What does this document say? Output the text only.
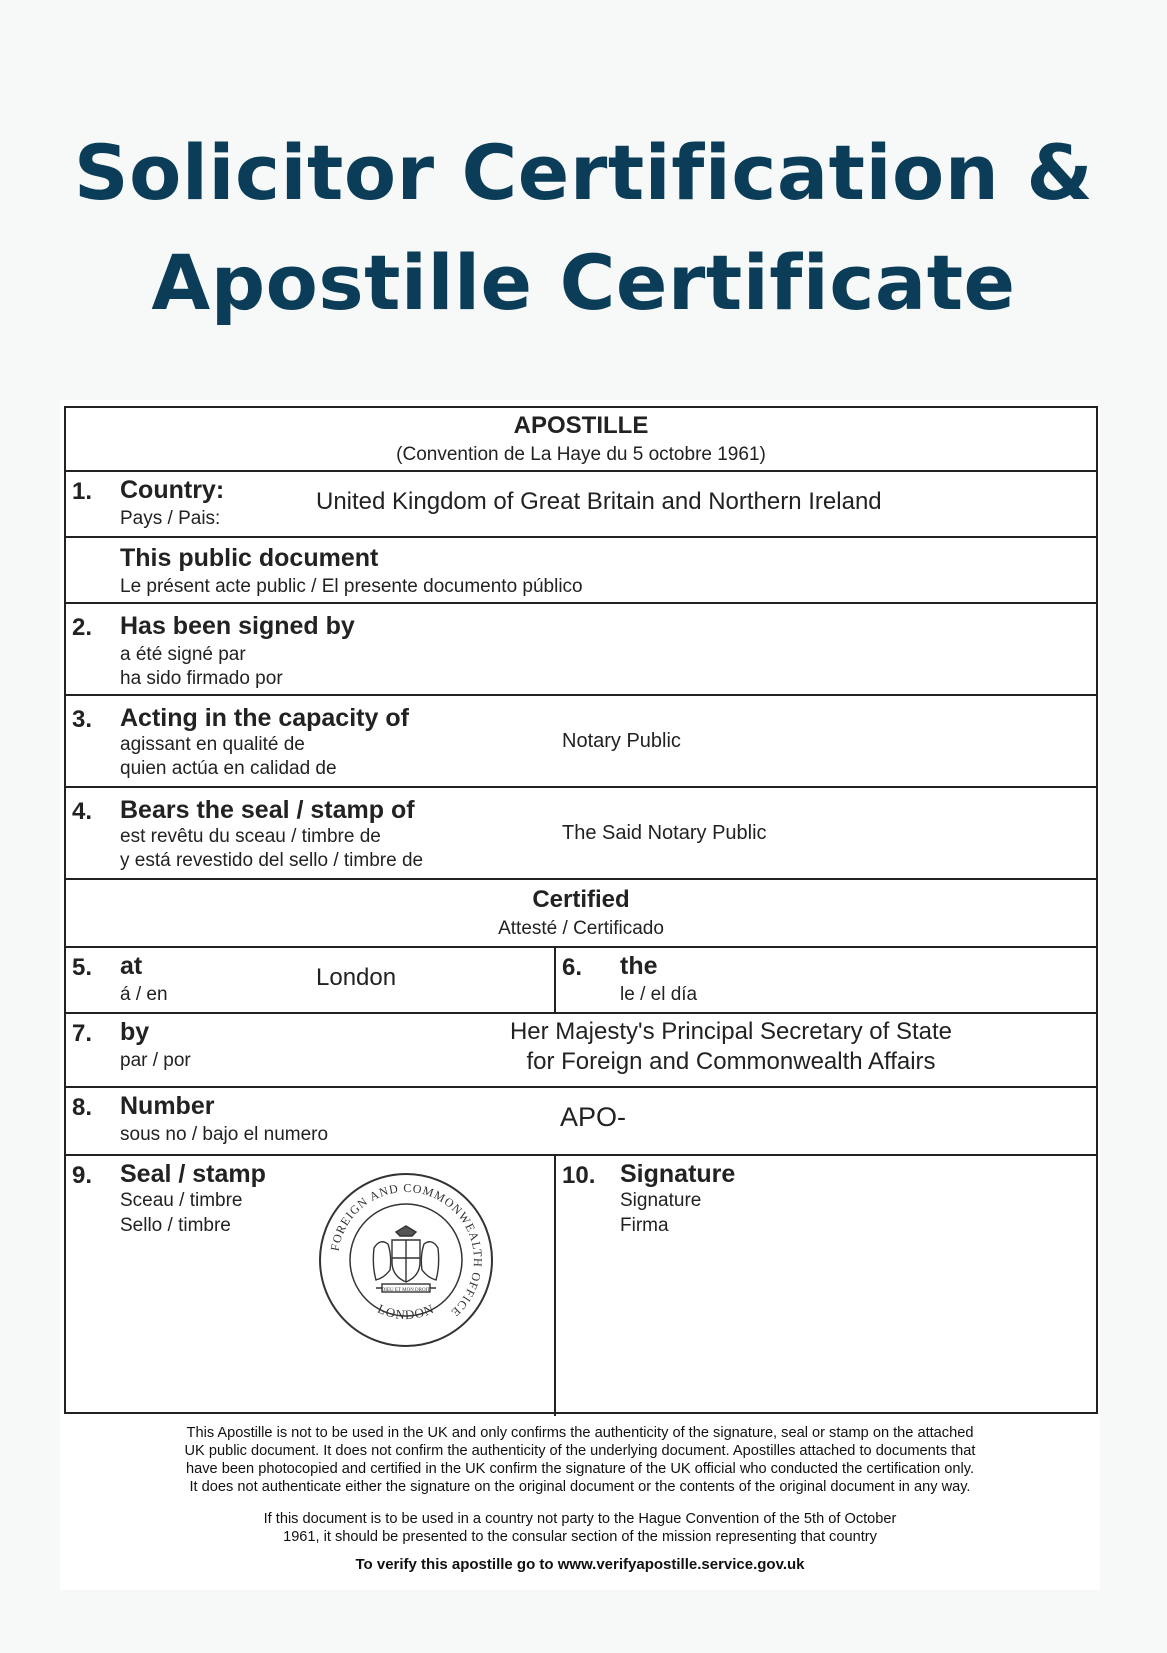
Solicitor Certification &
Apostille Certificate
APOSTILLE
(Convention de La Haye du 5 octobre 1961)
1. Country:
Pays / Pais:
United Kingdom of Great Britain and Northern Ireland
This public document
Le présent acte public / El presente documento público
2. Has been signed by
a été signé par
ha sido firmado por
3. Acting in the capacity of
agissant en qualité de
quien actúa en calidad de
Notary Public
4. Bears the seal / stamp of
est revêtu du sceau / timbre de
y está revestido del sello / timbre de
The Said Notary Public
Certified
Attesté / Certificado
5. at
á / en
London	6. the
le / el día
7. by
par / por
Her Majesty's Principal Secretary of State
for Foreign and Commonwealth Affairs
8. Number
sous no / bajo el numero
APO-
9. Seal / stamp
Sceau / timbre
Sello / timbre
FOREIGN AND COMMONWEALTH OFFICE
LONDON
DIEU ET MON DROIT
10. Signature
Signature
Firma
This Apostille is not to be used in the UK and only confirms the authenticity of the signature, seal or stamp on the attached
UK public document. It does not confirm the authenticity of the underlying document. Apostilles attached to documents that
have been photocopied and certified in the UK confirm the signature of the UK official who conducted the certification only.
It does not authenticate either the signature on the original document or the contents of the original document in any way.
If this document is to be used in a country not party to the Hague Convention of the 5th of October
1961, it should be presented to the consular section of the mission representing that country
To verify this apostille go to www.verifyapostille.service.gov.uk
